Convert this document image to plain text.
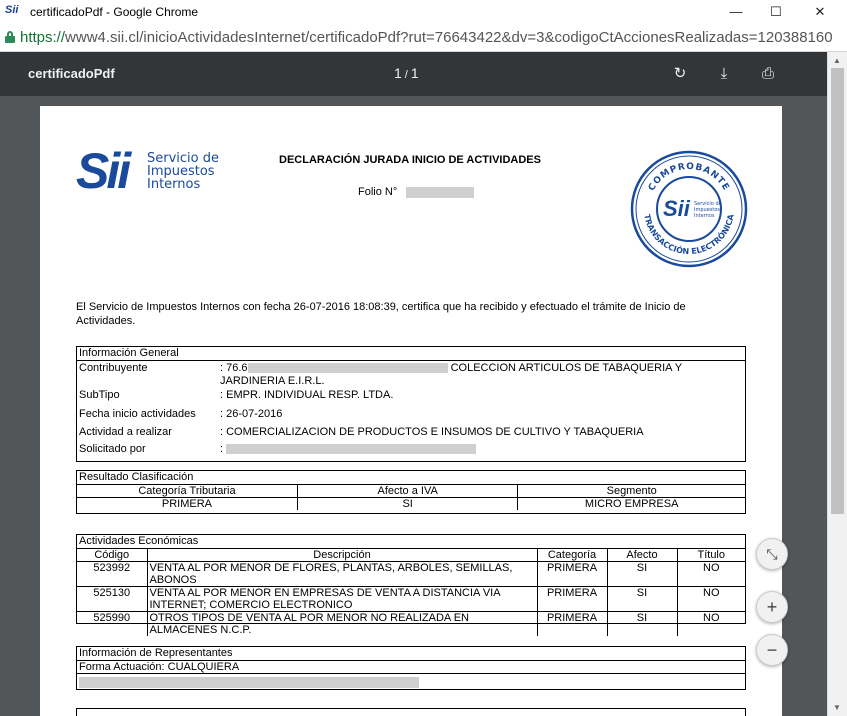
Sii certificadoPdf - Google Chrome	—	☐	✕
https://www4.sii.cl/inicioActividadesInternet/certificadoPdf?rut=76643422&dv=3&codigoCtAccionesRealizadas=120388160
certificadoPdf	1 / 1	↻	⤓	⎙
▲
▼
Sii Servicio de
Impuestos
Internos
DECLARACIÓN JURADA INICIO DE ACTIVIDADES
Folio N°	COMPROBANTE
TRANSACCIÓN ELECTRÓNICA
Sii Servicio de
Impuestos
Internos
El Servicio de Impuestos Internos con fecha 26-07-2016 18:08:39, certifica que ha recibido y efectuado el trámite de Inicio de Actividades.
Información General
Contribuyente	: 76.6	COLECCION ARTICULOS DE TABAQUERIA Y
JARDINERIA E.I.R.L.
SubTipo	: EMPR. INDIVIDUAL RESP. LTDA.
Fecha inicio actividades : 26-07-2016
Actividad a realizar	: COMERCIALIZACION DE PRODUCTOS E INSUMOS DE CULTIVO Y TABAQUERIA
Solicitado por	:
Resultado Clasificación
Categoría Tributaria	Afecto a IVA	Segmento
PRIMERA	SI	MICRO EMPRESA
Actividades Económicas
Código	Descripción	Categoría	Afecto	Título
523992	VENTA AL POR MENOR DE FLORES, PLANTAS, ARBOLES, SEMILLAS, ABONOS	PRIMERA	SI	NO
525130	VENTA AL POR MENOR EN EMPRESAS DE VENTA A DISTANCIA VIA INTERNET; COMERCIO ELECTRONICO	PRIMERA	SI	NO
525990	OTROS TIPOS DE VENTA AL POR MENOR NO REALIZADA EN ALMACENES N.C.P.	PRIMERA	SI	NO
Información de Representantes
Forma Actuación: CUALQUIERA
⤡
+
−
